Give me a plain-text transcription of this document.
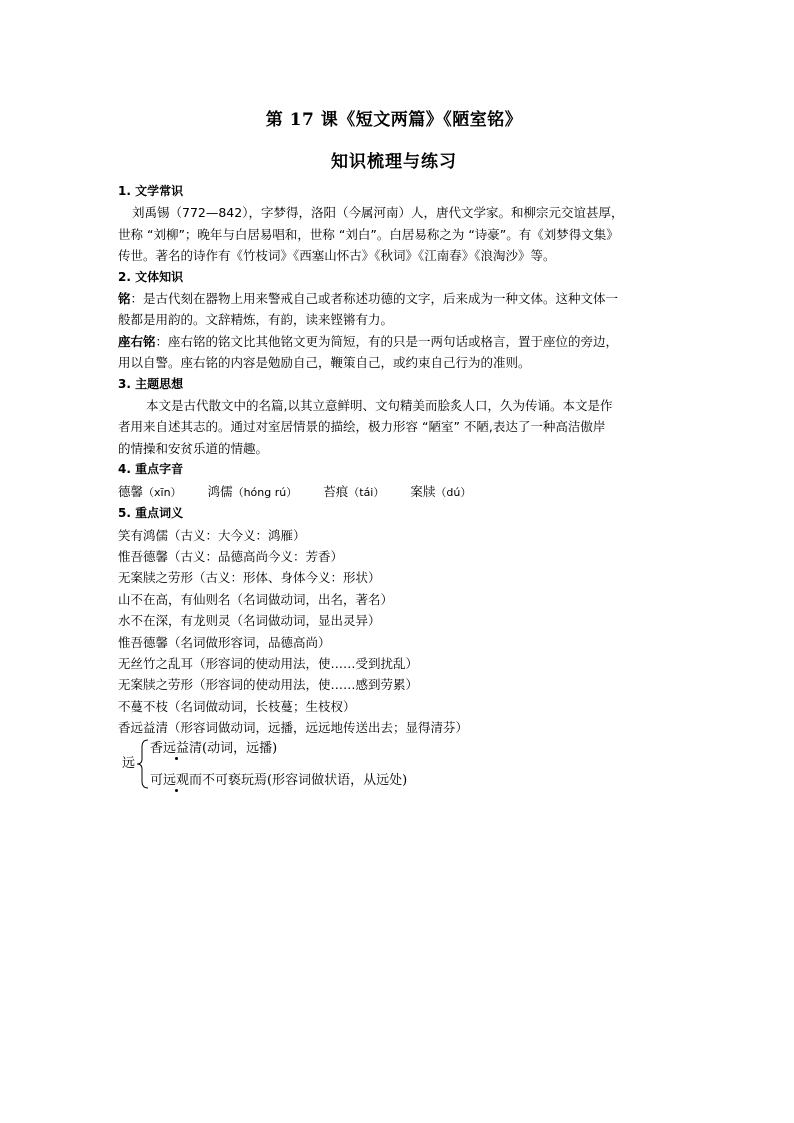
第 17 课《短文两篇》《陋室铭》
知识梳理与练习
1. 文学常识
刘禹锡（772—842），字梦得，洛阳（今属河南）人，唐代文学家。和柳宗元交谊甚厚，
世称 “刘柳”；晚年与白居易唱和，世称 “刘白”。白居易称之为 “诗豪”。有《刘梦得文集》
传世。著名的诗作有《竹枝词》《西塞山怀古》《秋词》《江南春》《浪淘沙》等。
2. 文体知识
铭：是古代刻在器物上用来警戒自己或者称述功德的文字，后来成为一种文体。这种文体一
般都是用韵的。文辞精炼，有韵，读来铿锵有力。
座右铭：座右铭的铭文比其他铭文更为简短，有的只是一两句话或格言，置于座位的旁边，
用以自警。座右铭的内容是勉励自己，鞭策自己，或约束自己行为的准则。
3. 主题思想
本文是古代散文中的名篇,以其立意鲜明、文句精美而脍炙人口，久为传诵。本文是作
者用来自述其志的。通过对室居情景的描绘，极力形容 “陋室” 不陋,表达了一种高洁傲岸
的情操和安贫乐道的情趣。
4. 重点字音
德馨（xīn） 鸿儒（hóng rú） 苔痕（tái） 案牍（dú）
5. 重点词义
笑有鸿儒（古义：大今义：鸿雁）
惟吾德馨（古义：品德高尚今义：芳香）
无案牍之劳形（古义：形体、身体今义：形状）
山不在高，有仙则名（名词做动词，出名，著名）
水不在深，有龙则灵（名词做动词，显出灵异）
惟吾德馨（名词做形容词，品德高尚）
无丝竹之乱耳（形容词的使动用法，使……受到扰乱）
无案牍之劳形（形容词的使动用法，使……感到劳累）
不蔓不枝（名词做动词，长枝蔓；生枝杈）
香远益清（形容词做动词，远播，远远地传送出去；显得清芬）
远
香远益清(动词，远播)
可远观而不可亵玩焉(形容词做状语，从远处)
